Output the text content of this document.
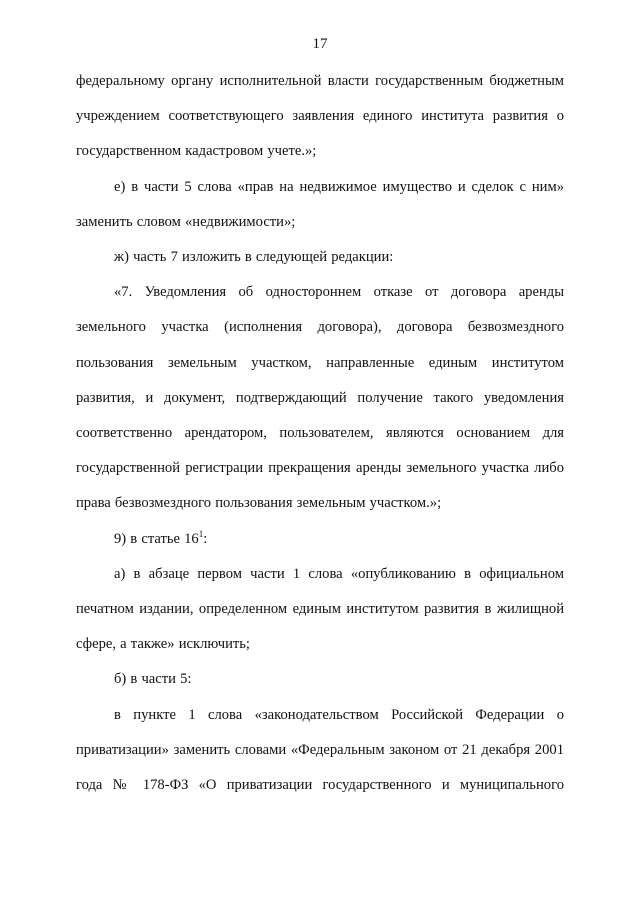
17

федеральному органу исполнительной власти государственным бюджетным учреждением соответствующего заявления единого института развития о государственном кадастровом учете.»;

е) в части 5 слова «прав на недвижимое имущество и сделок с ним» заменить словом «недвижимости»;

ж) часть 7 изложить в следующей редакции:

«7. Уведомления об одностороннем отказе от договора аренды земельного участка (исполнения договора), договора безвозмездного пользования земельным участком, направленные единым институтом развития, и документ, подтверждающий получение такого уведомления соответственно арендатором, пользователем, являются основанием для государственной регистрации прекращения аренды земельного участка либо права безвозмездного пользования земельным участком.»;

9) в статье $16^1$:

а) в абзаце первом части 1 слова «опубликованию в официальном печатном издании, определенном единым институтом развития в жилищной сфере, а также» исключить;

б) в части 5:

в пункте 1 слова «законодательством Российской Федерации о приватизации» заменить словами «Федеральным законом от 21 декабря 2001 года № 178-ФЗ «О приватизации государственного и муниципального
